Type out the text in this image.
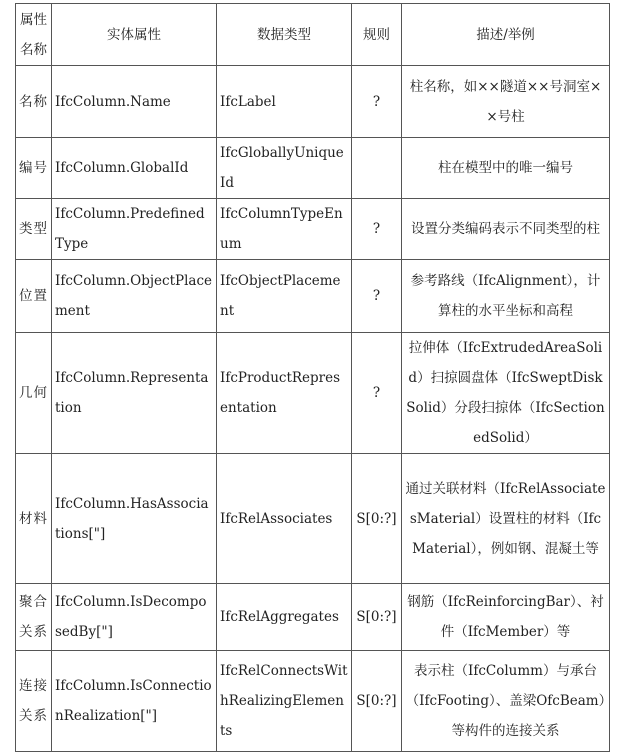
属性名称	实体属性	数据类型	规则	描述/举例
名称	IfcColumn.Name	IfcLabel	?	柱名称，如××隧道××号洞室××号柱
编号	IfcColumn.GlobalId	IfcGloballyUniqueId		柱在模型中的唯一编号
类型	IfcColumn.PredefinedType	IfcColumnTypeEnum	?	设置分类编码表示不同类型的柱
位置	IfcColumn.ObjectPlacement	IfcObjectPlacement	?	参考路线（IfcAlignment），计算柱的水平坐标和高程
几何	IfcColumn.Representation	IfcProductRepresentation	?	拉伸体（IfcExtrudedAreaSolid）扫掠圆盘体（IfcSweptDiskSolid）分段扫掠体（IfcSectionedSolid）
材料	IfcColumn.HasAssociations["]	IfcRelAssociates	S[0:?]	通过关联材料（IfcRelAssociatesMaterial）设置柱的材料（IfcMaterial），例如钢、混凝土等
聚合关系	IfcColumn.IsDecomposedBy["]	IfcRelAggregates	S[0:?]	钢筋（IfcReinforcingBar）、衬件（IfcMember）等
连接关系	IfcColumn.IsConnectionRealization["]	IfcRelConnectsWithRealizingElements	S[0:?]	表示柱（IfcColumm）与承台（IfcFooting）、盖梁OfcBeam）等构件的连接关系
